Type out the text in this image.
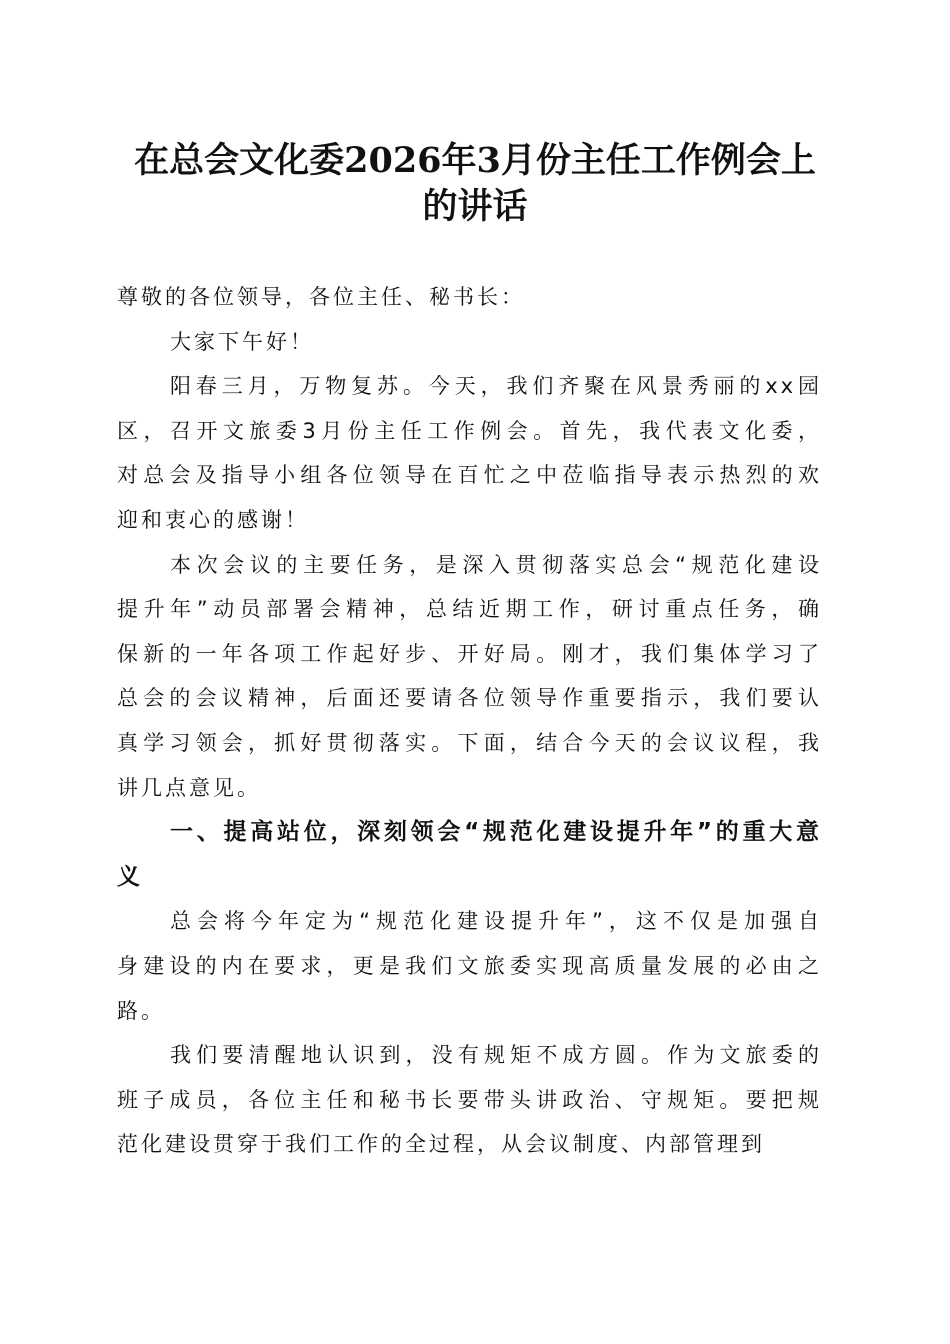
在总会文化委2026年3月份主任工作例会上
的讲话
尊敬的各位领导，各位主任、秘书长：
大家下午好！
阳春三月，万物复苏。今天，我们齐聚在风景秀丽的xx园
区，召开文旅委3月份主任工作例会。首先，我代表文化委，
对总会及指导小组各位领导在百忙之中莅临指导表示热烈的欢
迎和衷心的感谢！
本次会议的主要任务，是深入贯彻落实总会“规范化建设
提升年”动员部署会精神，总结近期工作，研讨重点任务，确
保新的一年各项工作起好步、开好局。刚才，我们集体学习了
总会的会议精神，后面还要请各位领导作重要指示，我们要认
真学习领会，抓好贯彻落实。下面，结合今天的会议议程，我
讲几点意见。
一、提高站位，深刻领会“规范化建设提升年”的重大意
义
总会将今年定为“规范化建设提升年”，这不仅是加强自
身建设的内在要求，更是我们文旅委实现高质量发展的必由之
路。
我们要清醒地认识到，没有规矩不成方圆。作为文旅委的
班子成员，各位主任和秘书长要带头讲政治、守规矩。要把规
范化建设贯穿于我们工作的全过程，从会议制度、内部管理到
